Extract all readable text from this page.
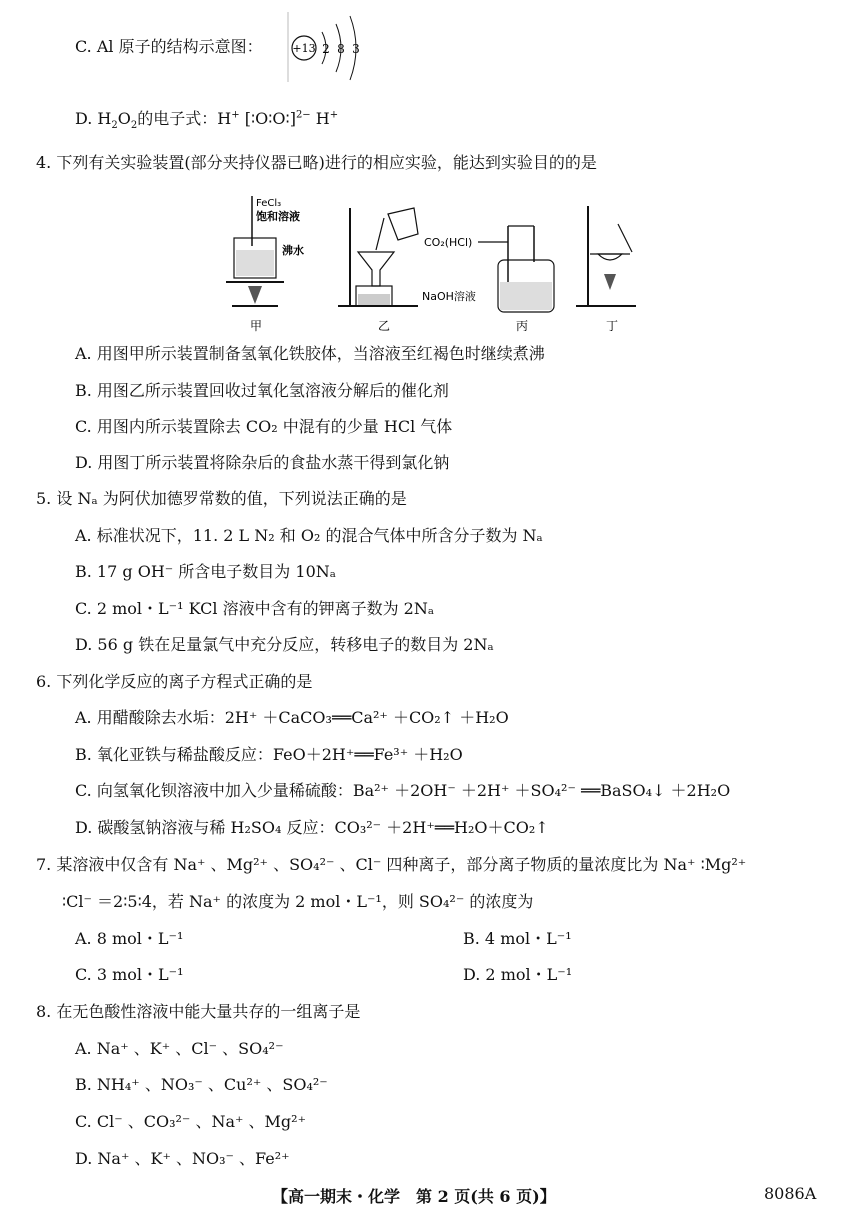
C. Al 原子的结构示意图：	+13 2 8 3
D. $H_2O_2$的电子式：H+ [∶O∶O∶]$^{2-}$ H+
4. 下列有关实验装置(部分夹持仪器已略)进行的相应实验，能达到实验目的的是
FeCl₃
饱和溶液
沸水
甲	乙
CO₂(HCl)
NaOH溶液
丙	丁
A. 用图甲所示装置制备氢氧化铁胶体，当溶液至红褐色时继续煮沸
B. 用图乙所示装置回收过氧化氢溶液分解后的催化剂
C. 用图内所示装置除去 CO₂ 中混有的少量 HCl 气体
D. 用图丁所示装置将除杂后的食盐水蒸干得到氯化钠
5. 设 Nₐ 为阿伏加德罗常数的值，下列说法正确的是
A. 标准状况下，11. 2 L N₂ 和 O₂ 的混合气体中所含分子数为 Nₐ
B. 17 g OH⁻ 所含电子数目为 10Nₐ
C. 2 mol・L⁻¹ KCl 溶液中含有的钾离子数为 2Nₐ
D. 56 g 铁在足量氯气中充分反应，转移电子的数目为 2Nₐ
6. 下列化学反应的离子方程式正确的是
A. 用醋酸除去水垢：2H⁺ ＋CaCO₃══Ca²⁺ ＋CO₂↑ ＋H₂O
B. 氧化亚铁与稀盐酸反应：FeO＋2H⁺══Fe³⁺ ＋H₂O
C. 向氢氧化钡溶液中加入少量稀硫酸：Ba²⁺ ＋2OH⁻ ＋2H⁺ ＋SO₄²⁻ ══BaSO₄↓ ＋2H₂O
D. 碳酸氢钠溶液与稀 H₂SO₄ 反应：CO₃²⁻ ＋2H⁺══H₂O＋CO₂↑
7. 某溶液中仅含有 Na⁺ 、Mg²⁺ 、SO₄²⁻ 、Cl⁻ 四种离子，部分离子物质的量浓度比为 Na⁺ ∶Mg²⁺
∶Cl⁻ ＝2∶5∶4，若 Na⁺ 的浓度为 2 mol・L⁻¹，则 SO₄²⁻ 的浓度为
A. 8 mol・L⁻¹	B. 4 mol・L⁻¹
C. 3 mol・L⁻¹	D. 2 mol・L⁻¹
8. 在无色酸性溶液中能大量共存的一组离子是
A. Na⁺ 、K⁺ 、Cl⁻ 、SO₄²⁻
B. NH₄⁺ 、NO₃⁻ 、Cu²⁺ 、SO₄²⁻
C. Cl⁻ 、CO₃²⁻ 、Na⁺ 、Mg²⁺
D. Na⁺ 、K⁺ 、NO₃⁻ 、Fe²⁺
【高一期末・化学　第 2 页(共 6 页)】	8086A
